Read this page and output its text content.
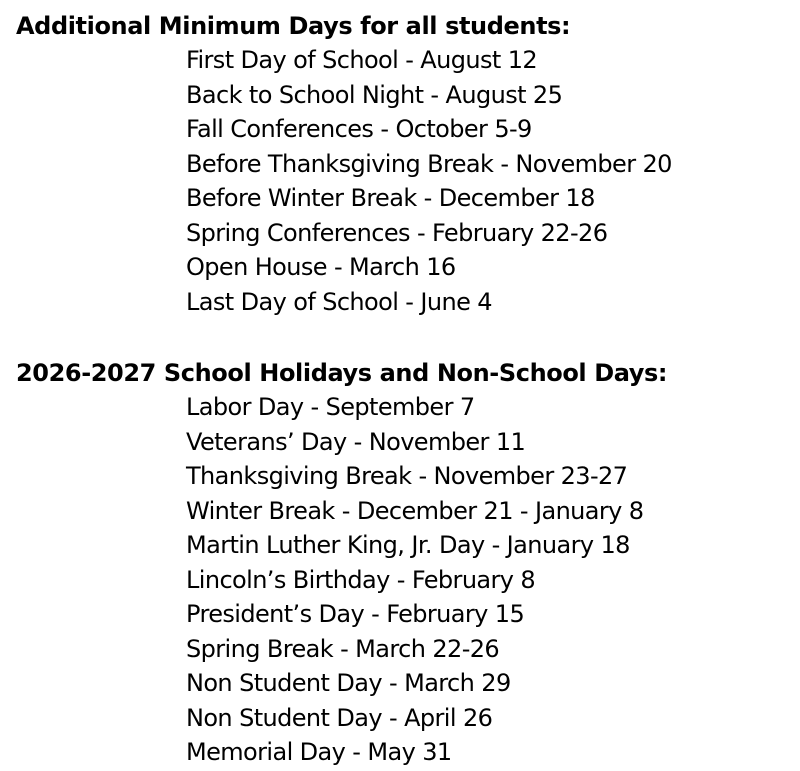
Additional Minimum Days for all students:
First Day of School - August 12
Back to School Night - August 25
Fall Conferences - October 5-9
Before Thanksgiving Break - November 20
Before Winter Break - December 18
Spring Conferences - February 22-26
Open House - March 16
Last Day of School - June 4
2026-2027 School Holidays and Non-School Days:
Labor Day - September 7
Veterans’ Day - November 11
Thanksgiving Break - November 23-27
Winter Break - December 21 - January 8
Martin Luther King, Jr. Day - January 18
Lincoln’s Birthday - February 8
President’s Day - February 15
Spring Break - March 22-26
Non Student Day - March 29
Non Student Day - April 26
Memorial Day - May 31
